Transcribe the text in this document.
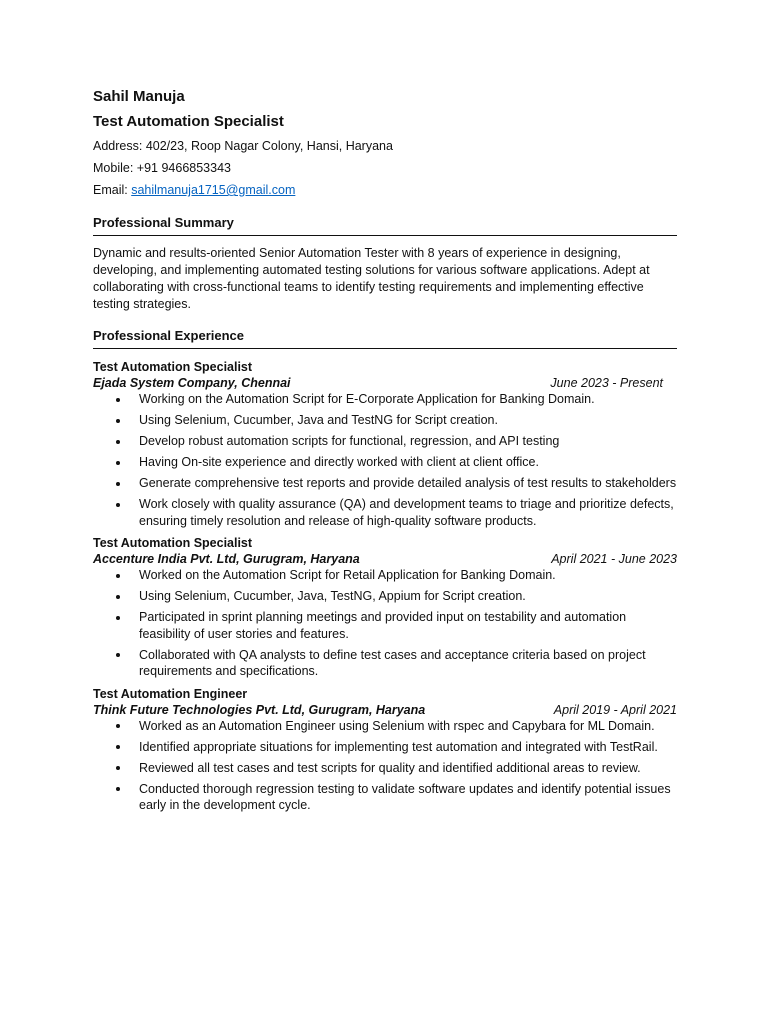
Sahil Manuja

Test Automation Specialist

Address: 402/23, Roop Nagar Colony, Hansi, Haryana

Mobile: +91 9466853343

Email: sahilmanuja1715@gmail.com

Professional Summary

Dynamic and results-oriented Senior Automation Tester with 8 years of experience in designing, developing, and implementing automated testing solutions for various software applications. Adept at collaborating with cross-functional teams to identify testing requirements and implementing effective testing strategies.

Professional Experience

Test Automation Specialist

Ejada System Company, Chennai	June 2023 - Present
Working on the Automation Script for E-Corporate Application for Banking Domain.
Using Selenium, Cucumber, Java and TestNG for Script creation.
Develop robust automation scripts for functional, regression, and API testing
Having On-site experience and directly worked with client at client office.
Generate comprehensive test reports and provide detailed analysis of test results to stakeholders
Work closely with quality assurance (QA) and development teams to triage and prioritize defects, ensuring timely resolution and release of high-quality software products.

Test Automation Specialist

Accenture India Pvt. Ltd, Gurugram, Haryana	April 2021 - June 2023
Worked on the Automation Script for Retail Application for Banking Domain.
Using Selenium, Cucumber, Java, TestNG, Appium for Script creation.
Participated in sprint planning meetings and provided input on testability and automation feasibility of user stories and features.
Collaborated with QA analysts to define test cases and acceptance criteria based on project requirements and specifications.

Test Automation Engineer

Think Future Technologies Pvt. Ltd, Gurugram, Haryana	April 2019 - April 2021
Worked as an Automation Engineer using Selenium with rspec and Capybara for ML Domain.
Identified appropriate situations for implementing test automation and integrated with TestRail.
Reviewed all test cases and test scripts for quality and identified additional areas to review.
Conducted thorough regression testing to validate software updates and identify potential issues early in the development cycle.
